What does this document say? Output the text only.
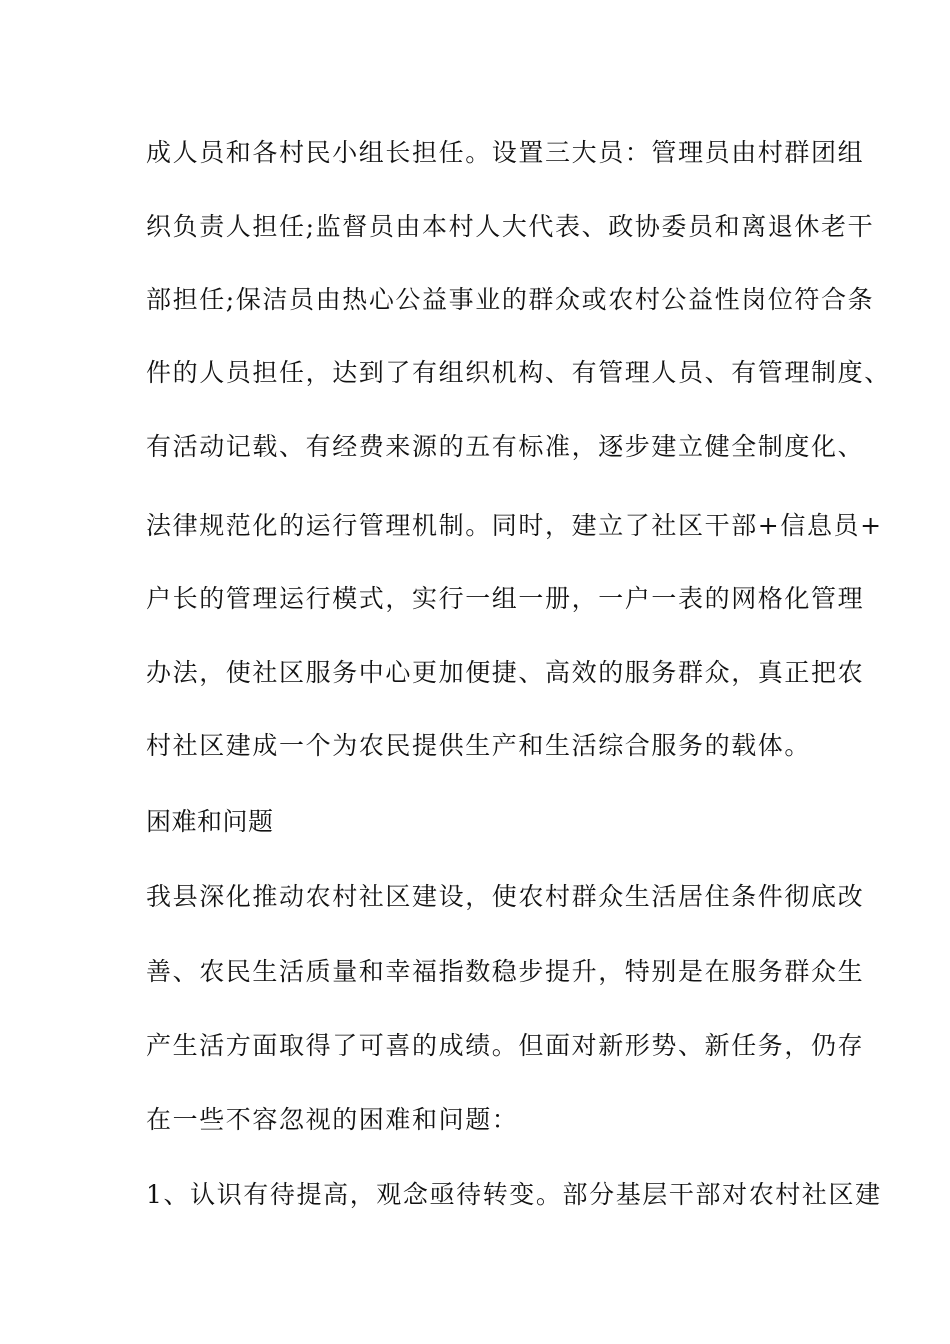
成人员和各村民小组长担任。设置三大员：管理员由村群团组
织负责人担任;监督员由本村人大代表、政协委员和离退休老干
部担任;保洁员由热心公益事业的群众或农村公益性岗位符合条
件的人员担任，达到了有组织机构、有管理人员、有管理制度、
有活动记载、有经费来源的五有标准，逐步建立健全制度化、
法律规范化的运行管理机制。同时，建立了社区干部+信息员+
户长的管理运行模式，实行一组一册，一户一表的网格化管理
办法，使社区服务中心更加便捷、高效的服务群众，真正把农
村社区建成一个为农民提供生产和生活综合服务的载体。
困难和问题
我县深化推动农村社区建设，使农村群众生活居住条件彻底改
善、农民生活质量和幸福指数稳步提升，特别是在服务群众生
产生活方面取得了可喜的成绩。但面对新形势、新任务，仍存
在一些不容忽视的困难和问题：
1、认识有待提高，观念亟待转变。部分基层干部对农村社区建
